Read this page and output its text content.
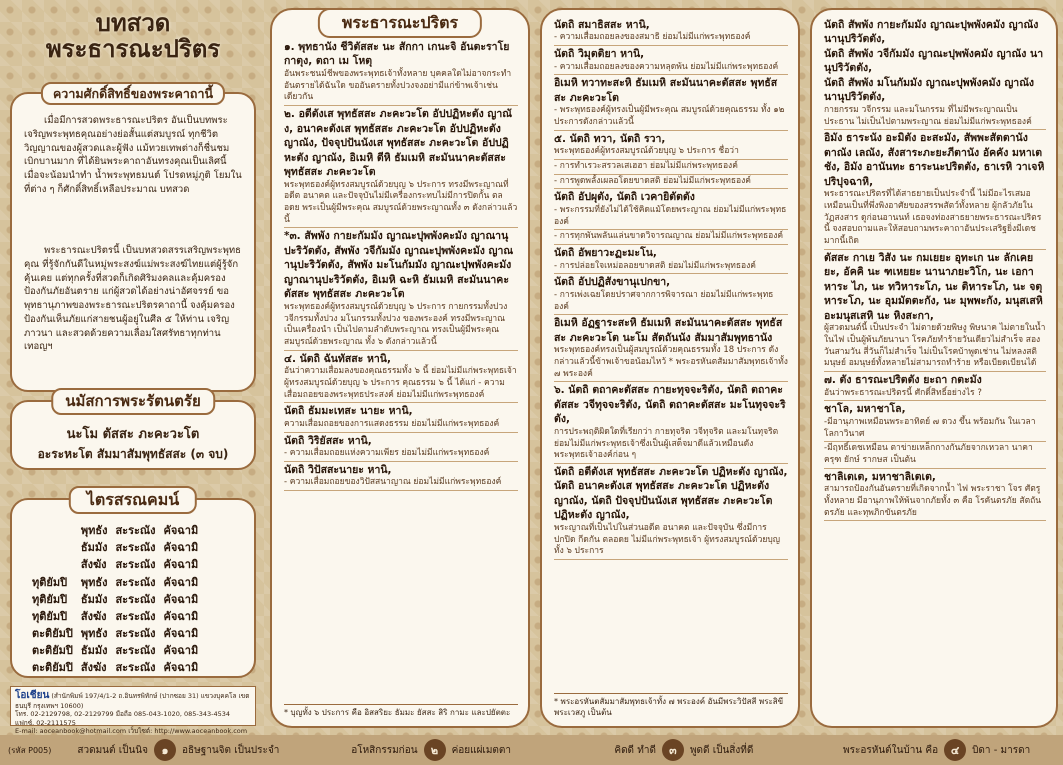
บทสวด
พระธารณะปริตร
ความศักดิ์สิทธิ์ของพระคาถานี้
เมื่อมีการสวดพระธารณะปริตร อันเป็นบทพระเจริญพระพุทธคุณอย่างย่อสั้นแต่สมบูรณ์ ทุกชีวิตวิญญาณของผู้สวดและผู้ฟัง แม้ทวยเทพต่างก็ชื่นชมเบิกบานมาก ที่ได้ยินพระคาถาอันทรงคุณเป็นเลิศนี้ เมื่อจะน้อมนำทำ น้ำพระพุทธมนต์ โปรดหมู่ภูติ โยมในที่ต่าง ๆ ก็ศักดิ์สิทธิ์เหลือประมาณ บทสวด
พระธารณะปริตรนี้ เป็นบทสวดสรรเสริญพระพุทธคุณ ที่รู้จักกันดีในหมู่พระสงฆ์แม่พระสงฆ์ไทยแต่ผู้รู้จักคุ้นเคย แต่ทุกครั้งที่สวดก็เกิดศิริมงคลและคุ้มครองป้องกันภัยอันตราย แก่ผู้สวดได้อย่างน่าอัศจรรย์ ขอพุทธานุภาพของพระธารณะปริตรคาถานี้ จงคุ้มครองป้องกันเห็นภัยแก่สายชนผู้อยู่ในศีล ๕ ให้ท่าน เจริญภาวนา และสวดด้วยความเลื่อมใสศรัทธาทุกท่านเทอญฯ
นมัสการพระรัตนตรัย
นะโม ตัสสะ ภะคะวะโต
อะระหะโต สัมมาสัมพุทธัสสะ (๓ จบ)
ไตรสรณคมน์
	พุทธัง	สะระณัง	คัจฉามิ
	ธัมมัง	สะระณัง	คัจฉามิ
	สังฆัง	สะระณัง	คัจฉามิ
ทุติยัมปิ	พุทธัง	สะระณัง	คัจฉามิ
ทุติยัมปิ	ธัมมัง	สะระณัง	คัจฉามิ
ทุติยัมปิ	สังฆัง	สะระณัง	คัจฉามิ
ตะติยัมปิ	พุทธัง	สะระณัง	คัจฉามิ
ตะติยัมปิ	ธัมมัง	สะระณัง	คัจฉามิ
ตะติยัมปิ	สังฆัง	สะระณัง	คัจฉามิ
โอเชียน (สำนักพิมพ์ 197/4/1-2 ถ.อินทรพิทักษ์ (ปากซอย 31) แขวงบุคคโล เขตธนบุรี กรุงเทพฯ 10600)
โทร. 02-2129798, 02-2129799 มือถือ 085-043-1020, 085-343-4534 แฟกซ์. 02-2111575
E-mail: aoceanbook@hotmail.com เว็บไซต์: http://www.aoceanbook.com
พระธารณะปริตร
๑. พุทธานัง ชีวิตัสสะ นะ สักกา เกนะจิ อันตะราโย กาตุง, ตถา เม โหตุ
อันพระชนม์ชีพของพระพุทธเจ้าทั้งหลาย บุคคลใดไม่อาจกระทำอันตรายได้ฉันใด ขออันตรายทั้งปวงจงอย่ามีแก่ข้าพเจ้าเช่นเดียวกัน
๒. อตีตังเส พุทธัสสะ ภะคะวะโต อัปปฏิหะตัง ญาณัง, อนาคะตังเส พุทธัสสะ ภะคะวะโต อัปปฏิหะตัง ญาณัง, ปัจจุปปันนังเส พุทธัสสะ ภะคะวะโต อัปปฏิหะตัง ญาณัง, อิเมหิ ตีหิ ธัมเมหิ สะมันนาคะตัสสะ พุทธัสสะ ภะคะวะโต
พระพุทธองค์ผู้ทรงสมบูรณ์ด้วยบุญ ๖ ประการ ทรงมีพระญาณที่อดีต อนาคต และปัจจุบันไม่มีเครื่องกระทบไม่มีการปิดกั้น ตลอดย พระเป็นผู้มีพระคุณ สมบูรณ์ด้วยพระญาณทั้ง ๓ ดังกล่าวแล้วนี้
*๓. สัพพัง กายะกัมมัง ญาณะปุพพังคะมัง ญาณานุปะริวัตตัง, สัพพัง วจีกัมมัง ญาณะปุพพังคะมัง ญาณานุปะริวัตตัง, สัพพัง มะโนกัมมัง ญาณะปุพพังคะมัง ญาณานุปะริวัตตัง, อิเมหิ ฉะหิ ธัมเมหิ สะมันนาคะตัสสะ พุทธัสสะ ภะคะวะโต
พระพุทธองค์ผู้ทรงสมบูรณ์ด้วยบุญ ๖ ประการ กายกรรมทั้งปวง วจีกรรมทั้งปวง มโนกรรมทั้งปวง ของพระองค์ ทรงมีพระญาณเป็นเครื่องนำ เป็นไปตามลำดับพระญาณ ทรงเป็นผู้มีพระคุณสมบูรณ์ด้วยพระญาณ ทั้ง ๖ ดังกล่าวแล้วนี้
๔. นัตถิ ฉันทัสสะ หานิ,
อันว่าความเสื่อมลงของคุณธรรมทั้ง ๖ นี้ ย่อมไม่มีแก่พระพุทธเจ้า ผู้ทรงสมบูรณ์ด้วยบุญ ๖ ประการ คุณธรรม ๖ นี้ ได้แก่ - ความเสื่อมถอยของพระพุทธประสงค์ ย่อมไม่มีแก่พระพุทธองค์
นัตถิ ธัมมะเทสะ นายะ หานิ,
ความเสื่อมถอยของการแสดงธรรม ย่อมไม่มีแก่พระพุทธองค์
นัตถิ วิริยัสสะ หานิ,
- ความเสื่อมถอยแห่งความเพียร ย่อมไม่มีแก่พระพุทธองค์
นัตถิ วิปัสสะนายะ หานิ,
- ความเสื่อมถอยของวิปัสสนาญาณ ย่อมไม่มีแก่พระพุทธองค์
* บุญทั้ง ๖ ประการ คือ อิสสริยะ ธัมมะ ยัสสะ สิริ กามะ และปยัตตะ
นัตถิ สมาธิสสะ หานิ,
- ความเสื่อมถอยลงของสมาธิ ย่อมไม่มีแก่พระพุทธองค์
นัตถิ วิมุตติยา หานิ,
- ความเสื่อมถอยลงของความหลุดพ้น ย่อมไม่มีแก่พระพุทธองค์
อิเมหิ ทวาทะสะหิ ธัมเมหิ สะมันนาคะตัสสะ พุทธัสสะ ภะคะวะโต
- พระพุทธองค์ผู้ทรงเป็นผู้มีพระคุณ สมบูรณ์ด้วยคุณธรรม ทั้ง ๑๒ ประการดังกล่าวแล้วนี้
๕. นัตถิ ทวา, นัตถิ รวา,
พระพุทธองค์ผู้ทรงสมบูรณ์ด้วยบุญ ๖ ประการ ชื่อว่า
- การทำเรวะสรวลเสเฮฮา ย่อมไม่มีแก่พระพุทธองค์
- การพูดพลั้งเผลอโดยขาดสติ ย่อมไม่มีแก่พระพุทธองค์
นัตถิ อัปผุตัง, นัตถิ เวคายิตัตตัง
- พระกรรมที่ยังไม่ได้ใช้คิดแม้โดยพระญาณ ย่อมไม่มีแก่พระพุทธองค์
- การทุกพันพลันแล่นขาดวิจารณญาณ ย่อมไม่มีแก่พระพุทธองค์
นัตถิ อัพยาวะฏะมะโน,
- การปล่อยใจเหม่อลอยขาดสติ ย่อมไม่มีแก่พระพุทธองค์
นัตถิ อัปปฏิสังขานุเปกขา,
- การเพ่งเฉยโดยปราศจากการพิจารณา ย่อมไม่มีแก่พระพุทธองค์
อิเมหิ อัฏฐาระสะหิ ธัมเมหิ สะมันนาคะตัสสะ พุทธัสสะ ภะคะวะโต นะโม สัตถันนัง สัมมาสัมพุทธานัง
พระพุทธองค์ทรงเป็นผู้สมบูรณ์ด้วยคุณธรรมทั้ง 18 ประการ ดังกล่าวแล้วนี้ข้าพเจ้าขอน้อมไหว้ * พระอรหันตสัมมาสัมพุทธเจ้าทั้ง ๗ พระองค์
๖. นัตถิ ตถาคะตัสสะ กายะทุจจะริตัง, นัตถิ ตถาคะตัสสะ วจีทุจจะริตัง, นัตถิ ตถาคะตัสสะ มะโนทุจจะริตัง,
การประพฤติผิดใดที่เรียกว่า กายทุจริต วจีทุจริต และมโนทุจริต ย่อมไม่มีแก่พระพุทธเจ้าซึ่งเป็นผู้เสด็จมาดีแล้วเหมือนดังพระพุทธเจ้าองค์ก่อน ๆ
นัตถิ อตีตังเส พุทธัสสะ ภะคะวะโต ปฏิหะตัง ญาณัง, นัตถิ อนาคะตังเส พุทธัสสะ ภะคะวะโต ปฏิหะตัง ญาณัง, นัตถิ ปัจจุปปันนังเส พุทธัสสะ ภะคะวะโต ปฏิหะตัง ญาณัง,
พระญาณที่เป็นไปในส่วนอดีต อนาคต และปัจจุบัน ซึ่งมีการปกปิด กีดกัน ตลอดย ไม่มีแก่พระพุทธเจ้า ผู้ทรงสมบูรณ์ด้วยบุญทั้ง ๖ ประการ
* พระอรหันตสัมมาสัมพุทธเจ้าทั้ง ๗ พระองค์ อันมีพระวิปัสสี พระสิขี พระเวสภู เป็นต้น
นัตถิ สัพพัง กายะกัมมัง ญาณะปุพพังคมัง ญาณัง นานุปริวัตตัง,
นัตถิ สัพพัง วจีกัมมัง ญาณะปุพพังคมัง ญาณัง นานุปริวัตตัง,
นัตถิ สัพพัง มโนกัมมัง ญาณะปุพพังคมัง ญาณัง นานุปริวัตตัง,
กายกรรม วจีกรรม และมโนกรรม ที่ไม่มีพระญาณเป็นประธาน ไม่เป็นไปตามพระญาณ ย่อมไม่มีแก่พระพุทธองค์
อิมัง ธาระนัง อะมิตัง อะสะมัง, สัพพะสัตตานัง ตาณัง เลณัง, สังสาระภะยะภีตานัง อัคคัง มหาเตชัง, อิมัง อานันทะ ธาระนะปริตตัง, ธาเรหิ วาเจหิ ปริปุจฉาหิ,
พระธารณะปริตรที่ได้สาธยายเป็นประจำนี้ ไม่มีอะไรเสมอเหมือนเป็นที่พึ่งพิงอาศัยของสรรพสัตว์ทั้งหลาย ผู้กลัวภัยในวัฏสงสาร ดูก่อนอานนท์ เธอจงท่องสาธยายพระธารณะปริตรนี้ จงสอบถามและให้สอบถามพระคาถาอันประเสริฐยิ่งมีเดชมากนี้เถิด
ตัสสะ กาเย วิสัง นะ กมเยยะ อุทะเก นะ ลักเคยยะ, อัคคิ นะ ฑเหยยะ นานาภยะวิโก, นะ เอกาหาระ ไภ, นะ ทวิหาระโภ, นะ ติหาระโภ, นะ จตุหาระโภ, นะ อุมมัตตะกัง, นะ มุพพะกัง, มนุสเสหิ อะมนุสเสหิ นะ หิงสะกา,
ผู้สวดมนต์นี้ เป็นประจำ ไม่ตายด้วยพิษงู พิษนาค ไม่ตายในน้ำ ในไฟ เป็นผู้พ้นภัยนานา โรคภัยทำร้ายวันเดียวไม่สำเร็จ สองวันสามวัน สี่วันก็ไม่สำเร็จ ไม่เป็นโรคบ้าพูดเช่าน ไม่หลงสติ มนุษย์ อมนุษย์ทั้งหลายไม่สามารถทำร้าย หรือเบียดเบียนได้
๗. ตัง ธารณะปริตตัง ยะถา กตะมัง
อันว่าพระธารณะปริตรนี้ ศักดิ์สิทธิ์อย่างไร ?
ชาโล, มหาชาโล,
-มีอานุภาพเหมือนพระอาทิตย์ ๗ ดวง ขึ้น พร้อมกัน ในเวลาโลกาวินาศ
-มีฤทธิ์เดชเหมือน ตาข่ายเหล็กกางกันภัยจากเหวลา นาคา ครุฑ ยักษ์ รากษส เป็นต้น
ชาลิเตเต, มหาชาลิเตเต,
สามารถป้องกันอันตรายที่เกิดจากน้ำ ไฟ พระราชา โจร ศัตรูทั้งหลาย มีอานุภาพให้พ้นจากภัยทั้ง ๓ คือ โรคันตรภัย สัตถันตรภัย และทุพภิกขันตรภัย
(รหัส P005)	สวดมนต์ เป็นนิจ	๑	อธิษฐานจิต เป็นประจำ	อโหสิกรรมก่อน	๒	ค่อยแผ่เมตตา	คิดดี ทำดี	๓	พูดดี เป็นสิ่งที่ดี	พระอรหันต์ในบ้าน คือ	๔	บิดา - มารดา
